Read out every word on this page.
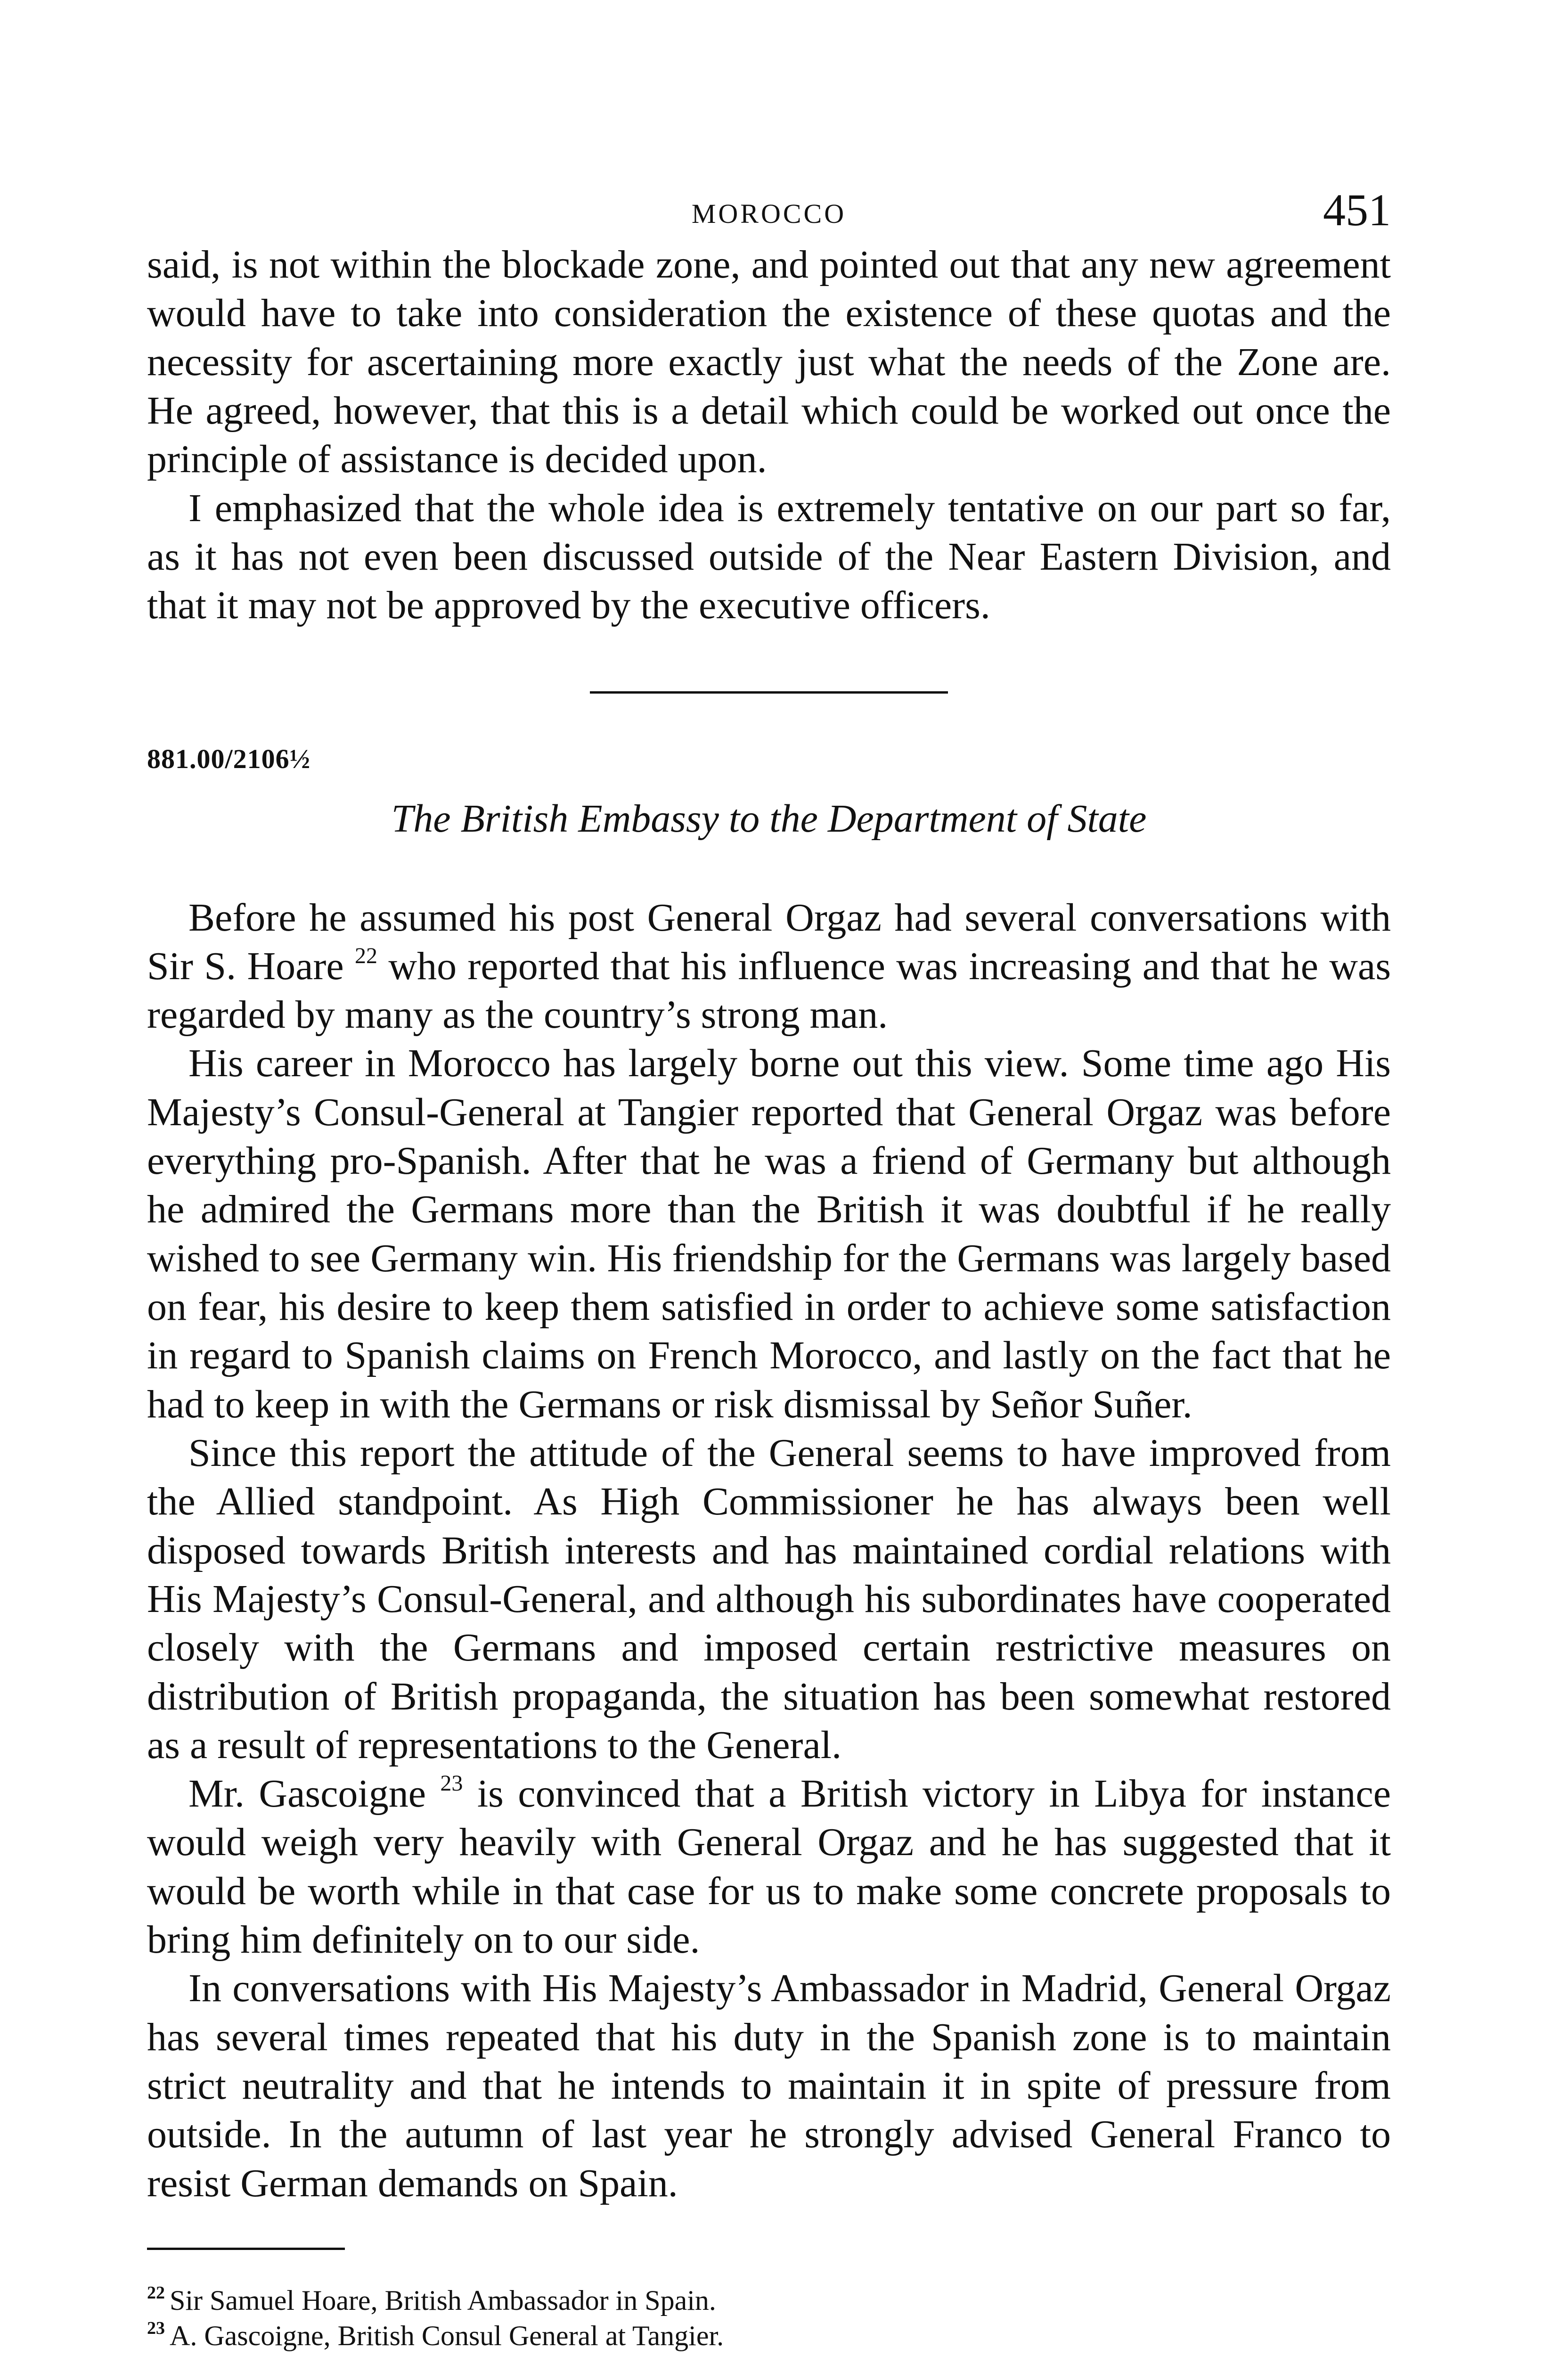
MOROCCO	451

said, is not within the blockade zone, and pointed out that any new agreement would have to take into consideration the existence of these quotas and the necessity for ascertaining more exactly just what the needs of the Zone are. He agreed, however, that this is a detail which could be worked out once the principle of assistance is decided upon.

I emphasized that the whole idea is extremely tentative on our part so far, as it has not even been discussed outside of the Near Eastern Division, and that it may not be approved by the executive officers.

881.00/2106½
The British Embassy to the Department of State

Before he assumed his post General Orgaz had several conversations with Sir S. Hoare $^{22}$ who reported that his influence was increasing and that he was regarded by many as the country’s strong man.

His career in Morocco has largely borne out this view. Some time ago His Majesty’s Consul-General at Tangier reported that General Orgaz was before everything pro-Spanish. After that he was a friend of Germany but although he admired the Germans more than the British it was doubtful if he really wished to see Germany win. His friendship for the Germans was largely based on fear, his desire to keep them satisfied in order to achieve some satisfaction in regard to Spanish claims on French Morocco, and lastly on the fact that he had to keep in with the Germans or risk dismissal by Señor Suñer.

Since this report the attitude of the General seems to have improved from the Allied standpoint. As High Commissioner he has always been well disposed towards British interests and has maintained cordial relations with His Majesty’s Consul-General, and although his subordinates have cooperated closely with the Germans and imposed certain restrictive measures on distribution of British propaganda, the situation has been somewhat restored as a result of representations to the General.

Mr. Gascoigne $^{23}$ is convinced that a British victory in Libya for instance would weigh very heavily with General Orgaz and he has suggested that it would be worth while in that case for us to make some concrete proposals to bring him definitely on to our side.

In conversations with His Majesty’s Ambassador in Madrid, General Orgaz has several times repeated that his duty in the Spanish zone is to maintain strict neutrality and that he intends to maintain it in spite of pressure from outside. In the autumn of last year he strongly advised General Franco to resist German demands on Spain.

$^{22}$ Sir Samuel Hoare, British Ambassador in Spain.

$^{23}$ A. Gascoigne, British Consul General at Tangier.
